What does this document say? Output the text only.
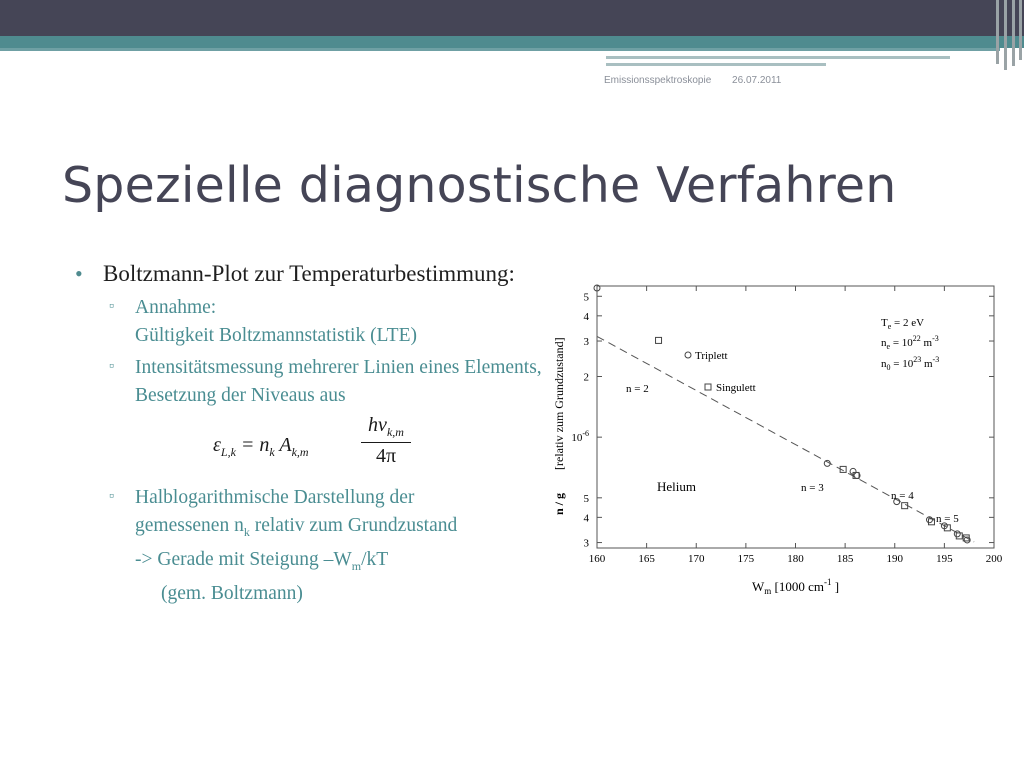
Emissionsspektroskopie 26.07.2011
Spezielle diagnostische Verfahren
• Boltzmann-Plot zur Temperaturbestimmung:
▫ Annahme:
Gültigkeit Boltzmannstatistik (LTE)
▫ Intensitätsmessung mehrerer Linien eines Elements, Besetzung der Niveaus aus
$\varepsilon_{L,k} = n_k$ $A_{k,m}$
$h\nu_{k,m}$
4π
▫ Halblogarithmische Darstellung der
gemessenen $n_k$ relativ zum Grundzustand
-> Gerade mit Steigung $-W_m/kT$
(gem. Boltzmann)
160	165	170	175	180	185	190	195	200
5
4
3
2
$10^{-6}$
5
4
3
n / g
[relativ zum Grundzustand]
$W_m$ [1000 $cm^{-1}$ ]
$T_e = 2$ eV
$n_e = 10^{22}$ $m^{-3}$
$n_0 = 10^{23}$ $m^{-3}$
Triplett
Singulett
Helium
n = 2
n = 3
n = 4
n = 5
